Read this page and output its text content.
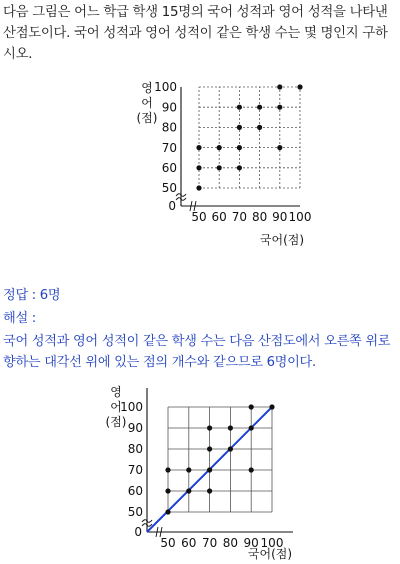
다음 그림은 어느 학급 학생 15명의 국어 성적과 영어 성적을 나타낸 산점도이다. 국어 성적과 영어 성적이 같은 학생 수는 몇 명인지 구하시오.
0
50 60 70 80 90 100
50
60
70
80
90
100
영
어
(점)
국어(점)
정답 : 6명
해설 :
국어 성적과 영어 성적이 같은 학생 수는 다음 산점도에서 오른쪽 위로 향하는 대각선 위에 있는 점의 개수와 같으므로 6명이다.
0
50 60 70 80 90 100
50
60
70
80
90
100
영
어
(점)
국어(점)
